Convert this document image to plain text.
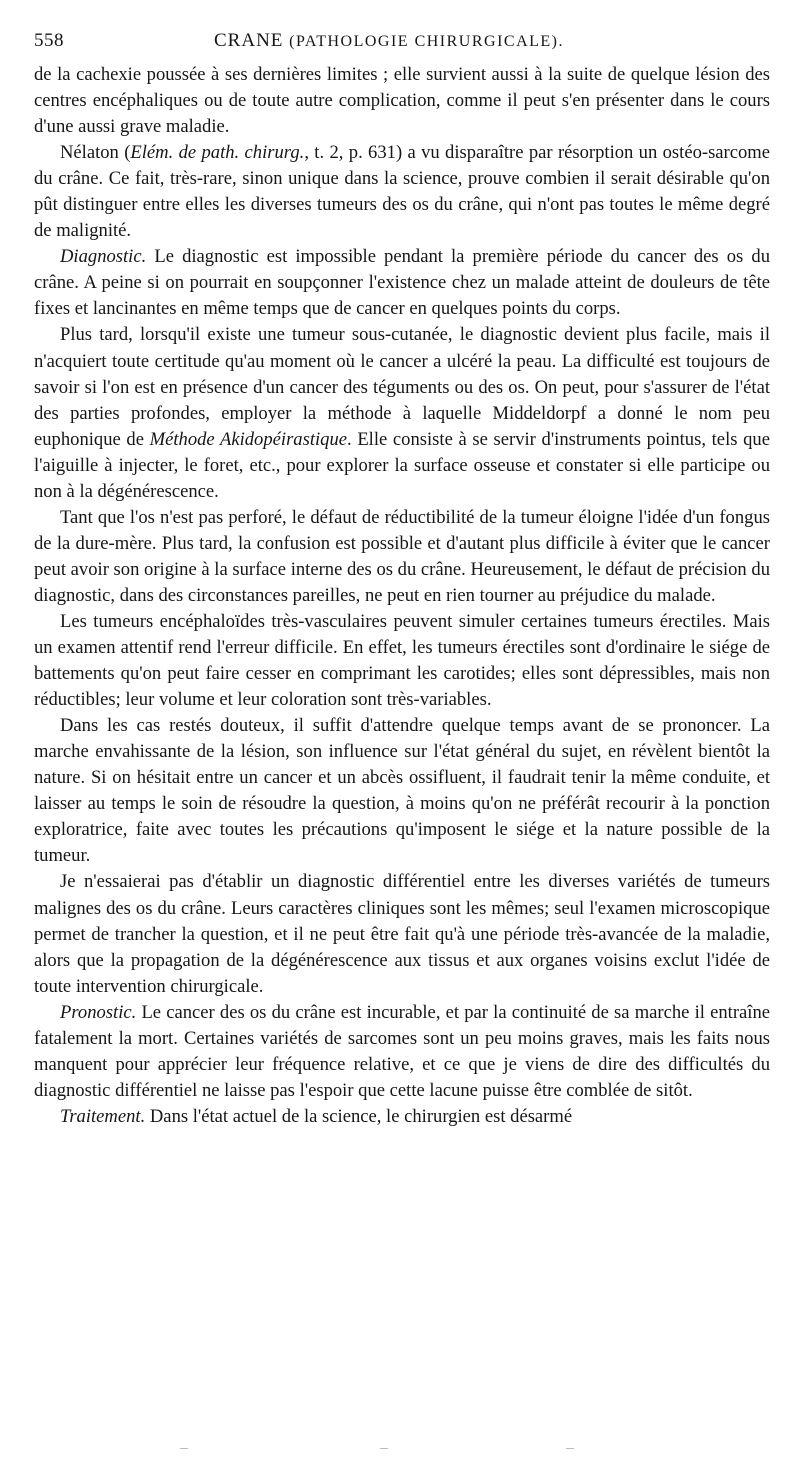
558	CRANE (PATHOLOGIE CHIRURGICALE).

de la cachexie poussée à ses dernières limites ; elle survient aussi à la suite de quelque lésion des centres encéphaliques ou de toute autre complication, comme il peut s'en présenter dans le cours d'une aussi grave maladie.

Nélaton (Elém. de path. chirurg., t. 2, p. 631) a vu disparaître par résorption un ostéo-sarcome du crâne. Ce fait, très-rare, sinon unique dans la science, prouve combien il serait désirable qu'on pût distinguer entre elles les diverses tumeurs des os du crâne, qui n'ont pas toutes le même degré de malignité.

Diagnostic. Le diagnostic est impossible pendant la première période du cancer des os du crâne. A peine si on pourrait en soupçonner l'existence chez un malade atteint de douleurs de tête fixes et lancinantes en même temps que de cancer en quelques points du corps.

Plus tard, lorsqu'il existe une tumeur sous-cutanée, le diagnostic devient plus facile, mais il n'acquiert toute certitude qu'au moment où le cancer a ulcéré la peau. La difficulté est toujours de savoir si l'on est en présence d'un cancer des téguments ou des os. On peut, pour s'assurer de l'état des parties profondes, employer la méthode à laquelle Middeldorpf a donné le nom peu euphonique de Méthode Akidopéirastique. Elle consiste à se servir d'instruments pointus, tels que l'aiguille à injecter, le foret, etc., pour explorer la surface osseuse et constater si elle participe ou non à la dégénérescence.

Tant que l'os n'est pas perforé, le défaut de réductibilité de la tumeur éloigne l'idée d'un fongus de la dure-mère. Plus tard, la confusion est possible et d'autant plus difficile à éviter que le cancer peut avoir son origine à la surface interne des os du crâne. Heureusement, le défaut de précision du diagnostic, dans des circonstances pareilles, ne peut en rien tourner au préjudice du malade.

Les tumeurs encéphaloïdes très-vasculaires peuvent simuler certaines tumeurs érectiles. Mais un examen attentif rend l'erreur difficile. En effet, les tumeurs érectiles sont d'ordinaire le siége de battements qu'on peut faire cesser en comprimant les carotides; elles sont dépressibles, mais non réductibles; leur volume et leur coloration sont très-variables.

Dans les cas restés douteux, il suffit d'attendre quelque temps avant de se prononcer. La marche envahissante de la lésion, son influence sur l'état général du sujet, en révèlent bientôt la nature. Si on hésitait entre un cancer et un abcès ossifluent, il faudrait tenir la même conduite, et laisser au temps le soin de résoudre la question, à moins qu'on ne préférât recourir à la ponction exploratrice, faite avec toutes les précautions qu'imposent le siége et la nature possible de la tumeur.

Je n'essaierai pas d'établir un diagnostic différentiel entre les diverses variétés de tumeurs malignes des os du crâne. Leurs caractères cliniques sont les mêmes; seul l'examen microscopique permet de trancher la question, et il ne peut être fait qu'à une période très-avancée de la maladie, alors que la propagation de la dégénérescence aux tissus et aux organes voisins exclut l'idée de toute intervention chirurgicale.

Pronostic. Le cancer des os du crâne est incurable, et par la continuité de sa marche il entraîne fatalement la mort. Certaines variétés de sarcomes sont un peu moins graves, mais les faits nous manquent pour apprécier leur fréquence relative, et ce que je viens de dire des difficultés du diagnostic différentiel ne laisse pas l'espoir que cette lacune puisse être comblée de sitôt.

Traitement. Dans l'état actuel de la science, le chirurgien est désarmé
